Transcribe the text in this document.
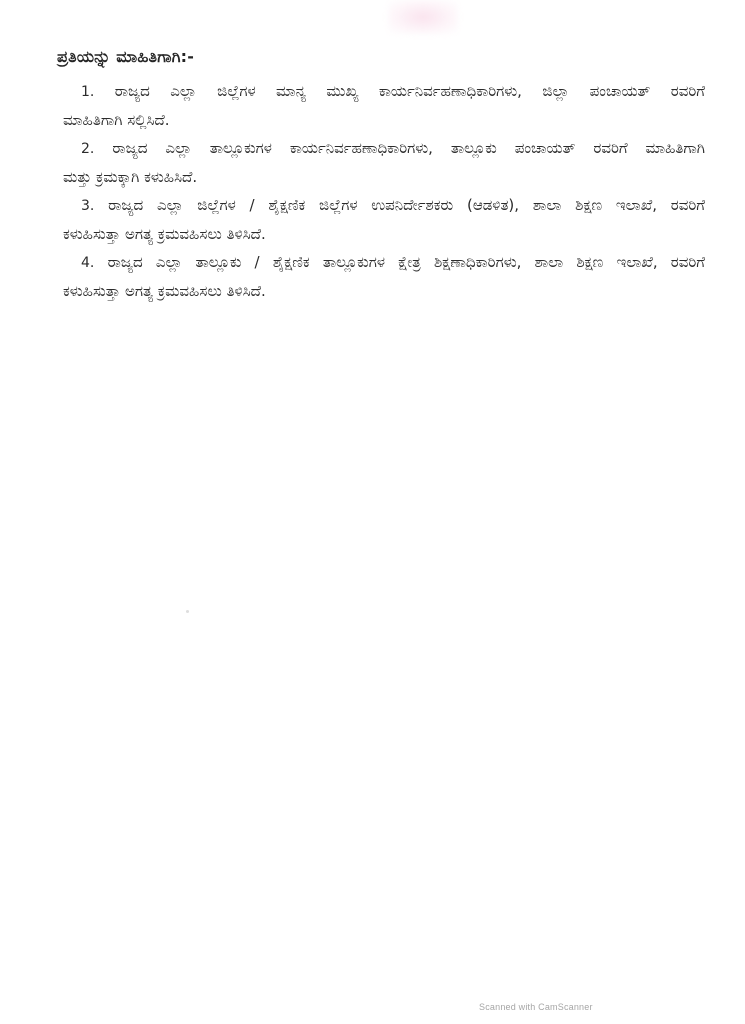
ಪ್ರತಿಯನ್ನು ಮಾಹಿತಿಗಾಗಿ:-
1. ರಾಜ್ಯದ ಎಲ್ಲಾ ಜಿಲ್ಲೆಗಳ ಮಾನ್ಯ ಮುಖ್ಯ ಕಾರ್ಯನಿರ್ವಹಣಾಧಿಕಾರಿಗಳು, ಜಿಲ್ಲಾ ಪಂಚಾಯತ್ ರವರಿಗೆ
ಮಾಹಿತಿಗಾಗಿ ಸಲ್ಲಿಸಿದೆ.
2. ರಾಜ್ಯದ ಎಲ್ಲಾ ತಾಲ್ಲೂಕುಗಳ ಕಾರ್ಯನಿರ್ವಹಣಾಧಿಕಾರಿಗಳು, ತಾಲ್ಲೂಕು ಪಂಚಾಯತ್ ರವರಿಗೆ ಮಾಹಿತಿಗಾಗಿ
ಮತ್ತು ಕ್ರಮಕ್ಕಾಗಿ ಕಳುಹಿಸಿದೆ.
3. ರಾಜ್ಯದ ಎಲ್ಲಾ ಜಿಲ್ಲೆಗಳ / ಶೈಕ್ಷಣಿಕ ಜಿಲ್ಲೆಗಳ ಉಪನಿರ್ದೇಶಕರು (ಆಡಳಿತ), ಶಾಲಾ ಶಿಕ್ಷಣ ಇಲಾಖೆ, ರವರಿಗೆ
ಕಳುಹಿಸುತ್ತಾ ಅಗತ್ಯ ಕ್ರಮವಹಿಸಲು ತಿಳಿಸಿದೆ.
4. ರಾಜ್ಯದ ಎಲ್ಲಾ ತಾಲ್ಲೂಕು / ಶೈಕ್ಷಣಿಕ ತಾಲ್ಲೂಕುಗಳ ಕ್ಷೇತ್ರ ಶಿಕ್ಷಣಾಧಿಕಾರಿಗಳು, ಶಾಲಾ ಶಿಕ್ಷಣ ಇಲಾಖೆ, ರವರಿಗೆ
ಕಳುಹಿಸುತ್ತಾ ಅಗತ್ಯ ಕ್ರಮವಹಿಸಲು ತಿಳಿಸಿದೆ.
Scanned with CamScanner
